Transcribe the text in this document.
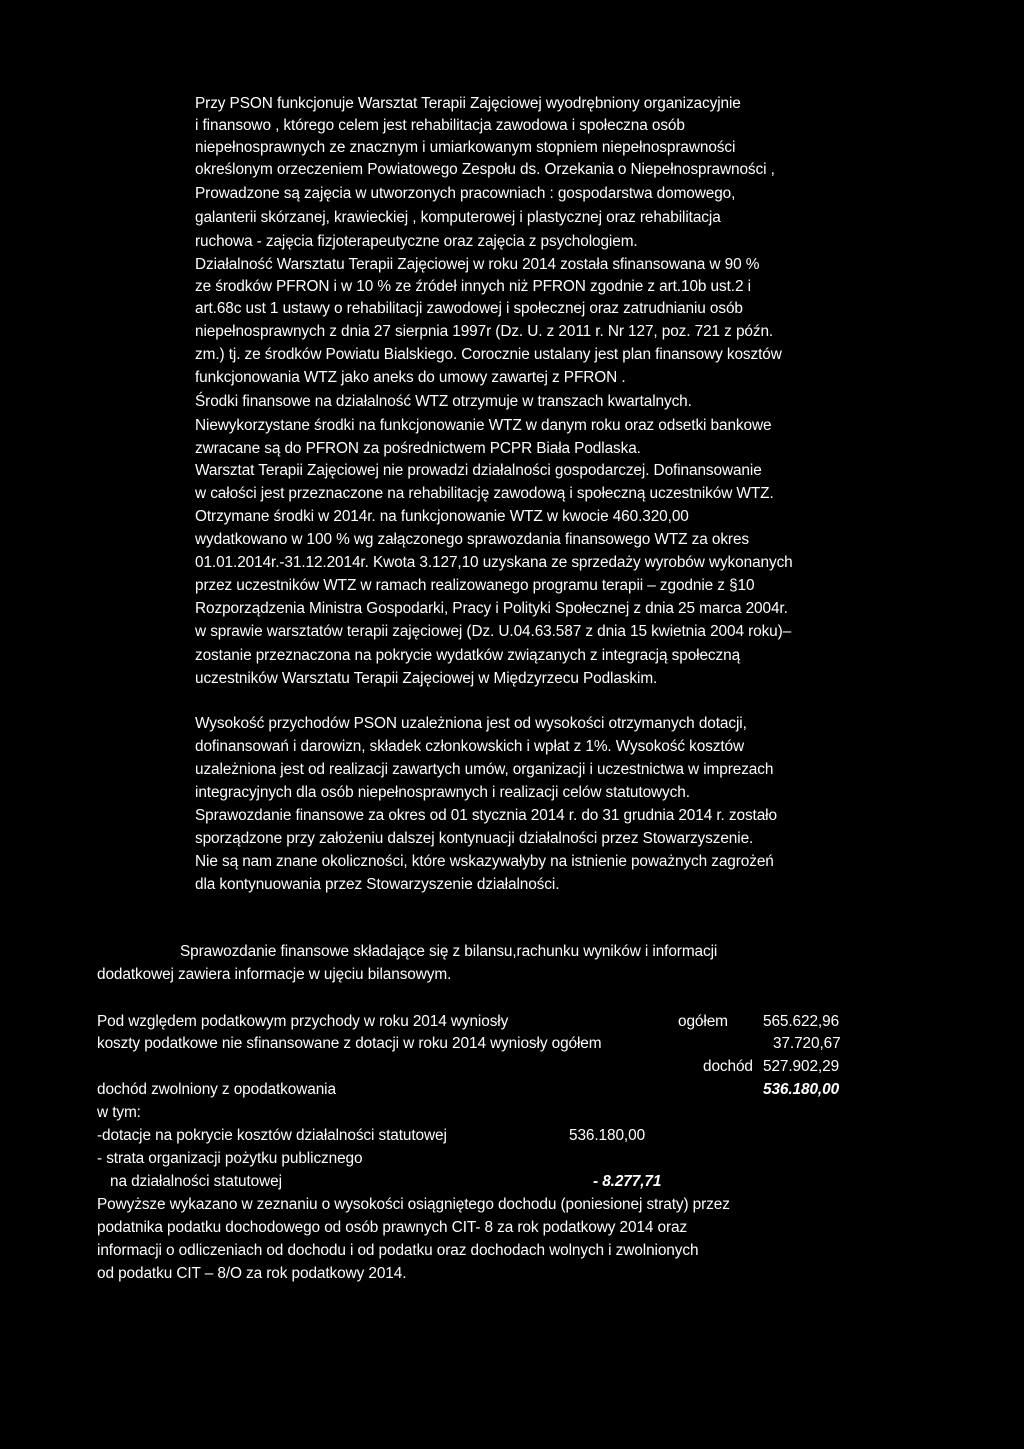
Przy PSON funkcjonuje Warsztat Terapii Zajęciowej wyodrębniony organizacyjnie
i finansowo , którego celem jest rehabilitacja zawodowa i społeczna osób
niepełnosprawnych ze znacznym i umiarkowanym stopniem niepełnosprawności
określonym orzeczeniem Powiatowego Zespołu ds. Orzekania o Niepełnosprawności ,
Prowadzone są zajęcia w utworzonych pracowniach : gospodarstwa domowego,
galanterii skórzanej, krawieckiej , komputerowej i plastycznej oraz rehabilitacja
ruchowa - zajęcia fizjoterapeutyczne oraz zajęcia z psychologiem.
Działalność Warsztatu Terapii Zajęciowej w roku 2014 została sfinansowana w 90 %
ze środków PFRON i w 10 % ze źródeł innych niż PFRON zgodnie z art.10b ust.2 i
art.68c ust 1 ustawy o rehabilitacji zawodowej i społecznej oraz zatrudnianiu osób
niepełnosprawnych z dnia 27 sierpnia 1997r (Dz. U. z 2011 r. Nr 127, poz. 721 z późn.
zm.) tj. ze środków Powiatu Bialskiego. Corocznie ustalany jest plan finansowy kosztów
funkcjonowania WTZ jako aneks do umowy zawartej z PFRON .
Środki finansowe na działalność WTZ otrzymuje w transzach kwartalnych.
Niewykorzystane środki na funkcjonowanie WTZ w danym roku oraz odsetki bankowe
zwracane są do PFRON za pośrednictwem PCPR Biała Podlaska.
Warsztat Terapii Zajęciowej nie prowadzi działalności gospodarczej. Dofinansowanie
w całości jest przeznaczone na rehabilitację zawodową i społeczną uczestników WTZ.
Otrzymane środki w 2014r. na funkcjonowanie WTZ w kwocie 460.320,00
wydatkowano w 100 % wg załączonego sprawozdania finansowego WTZ za okres
01.01.2014r.-31.12.2014r. Kwota 3.127,10 uzyskana ze sprzedaży wyrobów wykonanych
przez uczestników WTZ w ramach realizowanego programu terapii – zgodnie z §10
Rozporządzenia Ministra Gospodarki, Pracy i Polityki Społecznej z dnia 25 marca 2004r.
w sprawie warsztatów terapii zajęciowej (Dz. U.04.63.587 z dnia 15 kwietnia 2004 roku)–
zostanie przeznaczona na pokrycie wydatków związanych z integracją społeczną
uczestników Warsztatu Terapii Zajęciowej w Międzyrzecu Podlaskim.
Wysokość przychodów PSON uzależniona jest od wysokości otrzymanych dotacji,
dofinansowań i darowizn, składek członkowskich i wpłat z 1%. Wysokość kosztów
uzależniona jest od realizacji zawartych umów, organizacji i uczestnictwa w imprezach
integracyjnych dla osób niepełnosprawnych i realizacji celów statutowych.
Sprawozdanie finansowe za okres od 01 stycznia 2014 r. do 31 grudnia 2014 r. zostało
sporządzone przy założeniu dalszej kontynuacji działalności przez Stowarzyszenie.
Nie są nam znane okoliczności, które wskazywałyby na istnienie poważnych zagrożeń
dla kontynuowania przez Stowarzyszenie działalności.
Sprawozdanie finansowe składające się z bilansu,rachunku wyników i informacji
dodatkowej zawiera informacje w ujęciu bilansowym.
Pod względem podatkowym przychody w roku 2014 wyniosły	ogółem 565.622,96
koszty podatkowe nie sfinansowane z dotacji w roku 2014 wyniosły ogółem	37.720,67
dochód 527.902,29
dochód zwolniony z opodatkowania	536.180,00
w tym:
-dotacje na pokrycie kosztów działalności statutowej	536.180,00
- strata organizacji pożytku publicznego
na działalności statutowej	- 8.277,71
Powyższe wykazano w zeznaniu o wysokości osiągniętego dochodu (poniesionej straty) przez
podatnika podatku dochodowego od osób prawnych CIT- 8 za rok podatkowy 2014 oraz
informacji o odliczeniach od dochodu i od podatku oraz dochodach wolnych i zwolnionych
od podatku CIT – 8/O za rok podatkowy 2014.
